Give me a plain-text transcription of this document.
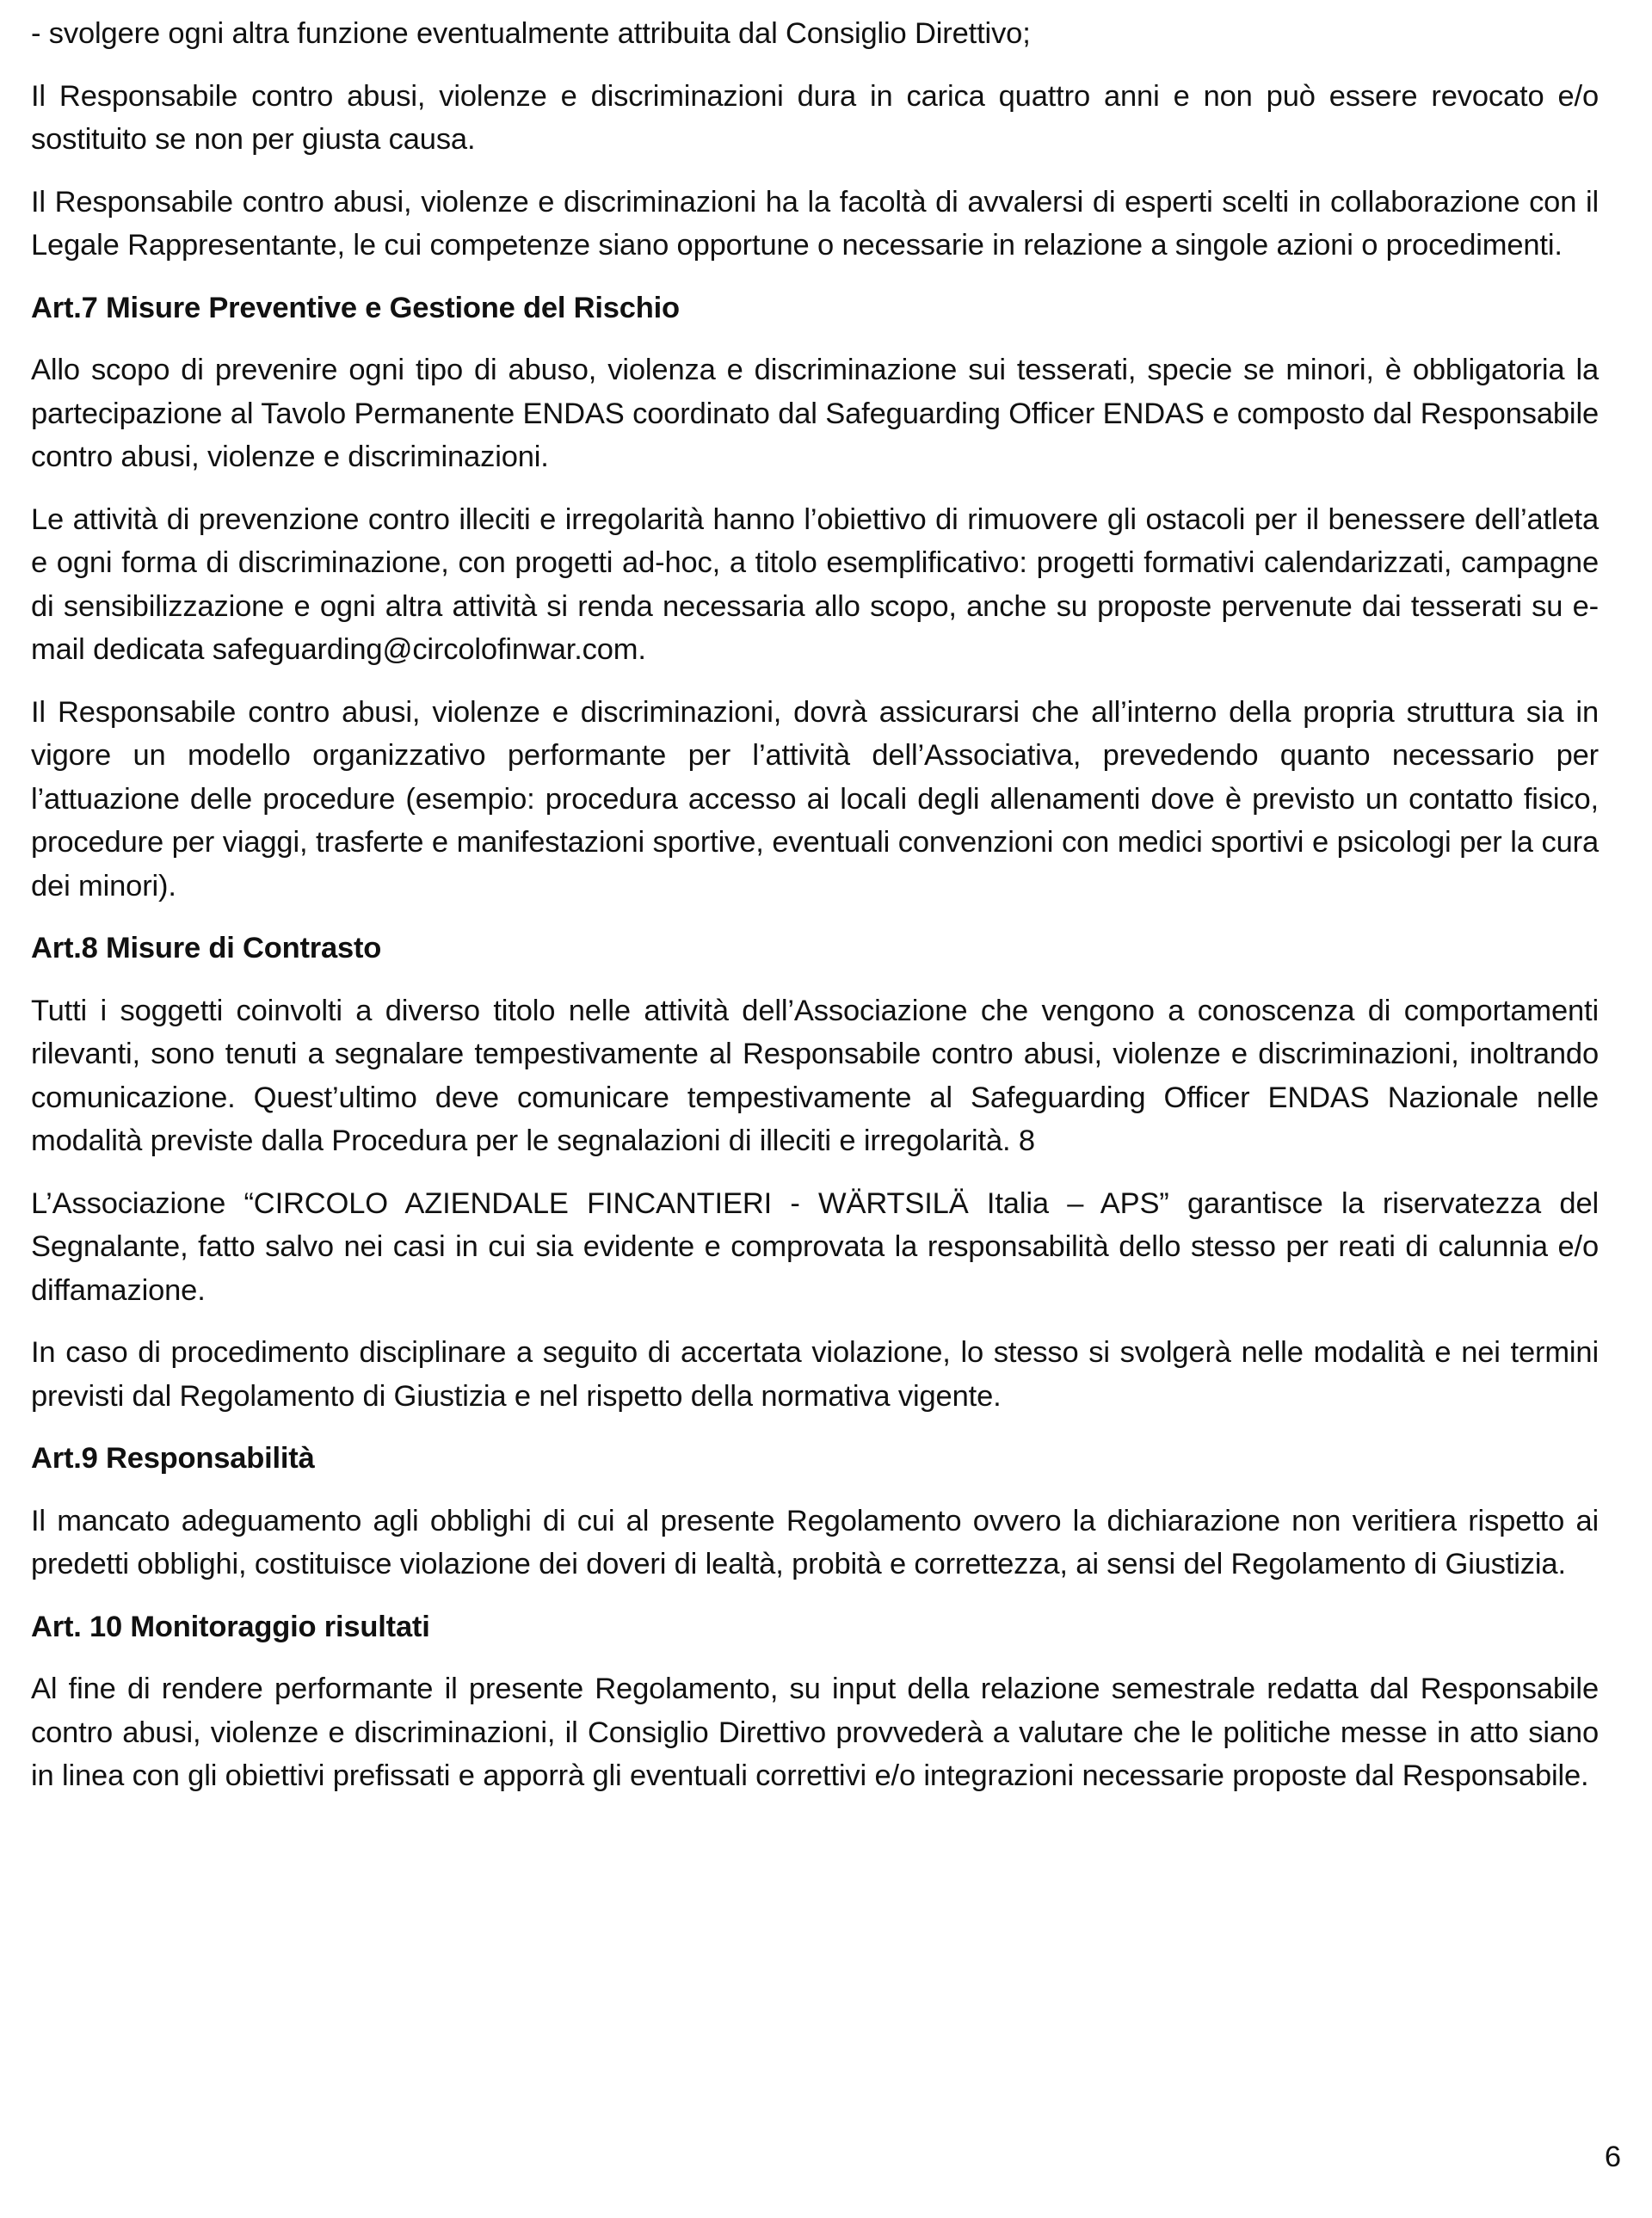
- svolgere ogni altra funzione eventualmente attribuita dal Consiglio Direttivo;

Il Responsabile contro abusi, violenze e discriminazioni dura in carica quattro anni e non può essere revocato e/o sostituito se non per giusta causa.

Il Responsabile contro abusi, violenze e discriminazioni ha la facoltà di avvalersi di esperti scelti in collaborazione con il Legale Rappresentante, le cui competenze siano opportune o necessarie in relazione a singole azioni o procedimenti.

Art.7 Misure Preventive e Gestione del Rischio

Allo scopo di prevenire ogni tipo di abuso, violenza e discriminazione sui tesserati, specie se minori, è obbligatoria la partecipazione al Tavolo Permanente ENDAS coordinato dal Safeguarding Officer ENDAS e composto dal Responsabile contro abusi, violenze e discriminazioni.

Le attività di prevenzione contro illeciti e irregolarità hanno l’obiettivo di rimuovere gli ostacoli per il benessere dell’atleta e ogni forma di discriminazione, con progetti ad-hoc, a titolo esemplificativo: progetti formativi calendarizzati, campagne di sensibilizzazione e ogni altra attività si renda necessaria allo scopo, anche su proposte pervenute dai tesserati su e-mail dedicata safeguarding@circolofinwar.com.

Il Responsabile contro abusi, violenze e discriminazioni, dovrà assicurarsi che all’interno della propria struttura sia in vigore un modello organizzativo performante per l’attività dell’Associativa, prevedendo quanto necessario per l’attuazione delle procedure (esempio: procedura accesso ai locali degli allenamenti dove è previsto un contatto fisico, procedure per viaggi, trasferte e manifestazioni sportive, eventuali convenzioni con medici sportivi e psicologi per la cura dei minori).

Art.8 Misure di Contrasto

Tutti i soggetti coinvolti a diverso titolo nelle attività dell’Associazione che vengono a conoscenza di comportamenti rilevanti, sono tenuti a segnalare tempestivamente al Responsabile contro abusi, violenze e discriminazioni, inoltrando comunicazione. Quest’ultimo deve comunicare tempestivamente al Safeguarding Officer ENDAS Nazionale nelle modalità previste dalla Procedura per le segnalazioni di illeciti e irregolarità. 8

L’Associazione “CIRCOLO AZIENDALE FINCANTIERI - WÄRTSILÄ Italia – APS” garantisce la riservatezza del Segnalante, fatto salvo nei casi in cui sia evidente e comprovata la responsabilità dello stesso per reati di calunnia e/o diffamazione.

In caso di procedimento disciplinare a seguito di accertata violazione, lo stesso si svolgerà nelle modalità e nei termini previsti dal Regolamento di Giustizia e nel rispetto della normativa vigente.

Art.9 Responsabilità

Il mancato adeguamento agli obblighi di cui al presente Regolamento ovvero la dichiarazione non veritiera rispetto ai predetti obblighi, costituisce violazione dei doveri di lealtà, probità e correttezza, ai sensi del Regolamento di Giustizia.

Art. 10 Monitoraggio risultati

Al fine di rendere performante il presente Regolamento, su input della relazione semestrale redatta dal Responsabile contro abusi, violenze e discriminazioni, il Consiglio Direttivo provvederà a valutare che le politiche messe in atto siano in linea con gli obiettivi prefissati e apporrà gli eventuali correttivi e/o integrazioni necessarie proposte dal Responsabile.

6
